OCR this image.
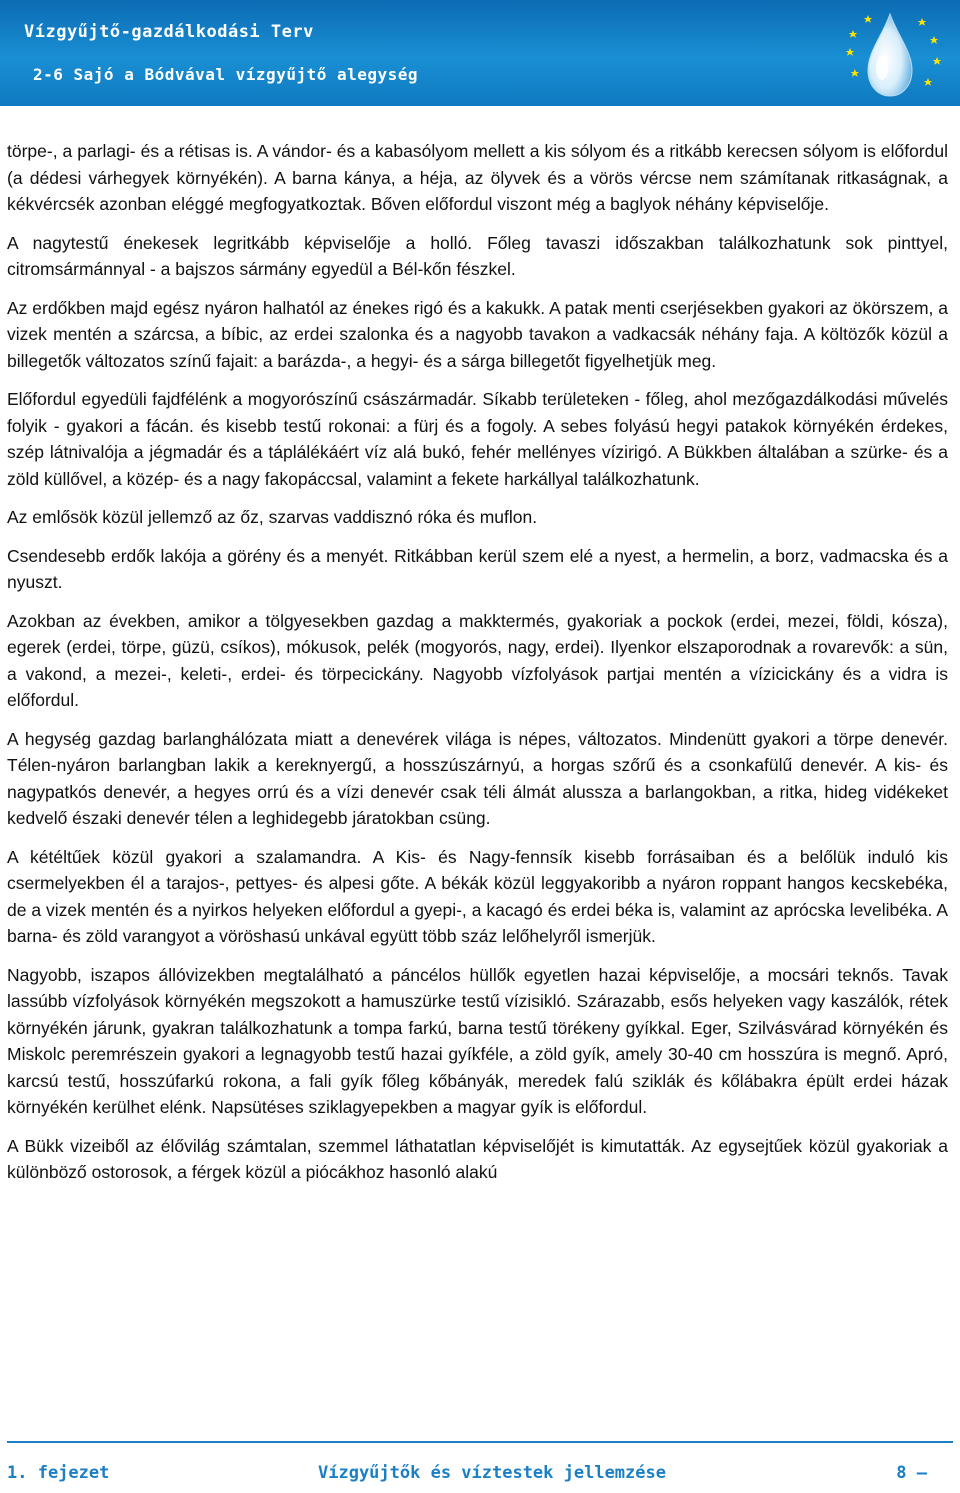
Vízgyűjtő-gazdálkodási Terv
2-6 Sajó a Bódvával vízgyűjtő alegység

törpe-, a parlagi- és a rétisas is. A vándor- és a kabasólyom mellett a kis sólyom és a ritkább kerecsen sólyom is előfordul (a dédesi várhegyek környékén). A barna kánya, a héja, az ölyvek és a vörös vércse nem számítanak ritkaságnak, a kékvércsék azonban eléggé megfogyatkoztak. Bőven előfordul viszont még a baglyok néhány képviselője.

A nagytestű énekesek legritkább képviselője a holló. Főleg tavaszi időszakban találkozhatunk sok pinttyel, citromsármánnyal - a bajszos sármány egyedül a Bél-kőn fészkel.

Az erdőkben majd egész nyáron halhatól az énekes rigó és a kakukk. A patak menti cserjésekben gyakori az ökörszem, a vizek mentén a szárcsa, a bíbic, az erdei szalonka és a nagyobb tavakon a vadkacsák néhány faja. A költözők közül a billegetők változatos színű fajait: a barázda-, a hegyi- és a sárga billegetőt figyelhetjük meg.

Előfordul egyedüli fajdfélénk a mogyorószínű császármadár. Síkabb területeken - főleg, ahol mezőgazdálkodási művelés folyik - gyakori a fácán. és kisebb testű rokonai: a fürj és a fogoly. A sebes folyású hegyi patakok környékén érdekes, szép látnivalója a jégmadár és a táplálékáért víz alá bukó, fehér mellényes vízirigó. A Bükkben általában a szürke- és a zöld küllővel, a közép- és a nagy fakopáccsal, valamint a fekete harkállyal találkozhatunk.

Az emlősök közül jellemző az őz, szarvas vaddisznó róka és muflon.

Csendesebb erdők lakója a görény és a menyét. Ritkábban kerül szem elé a nyest, a hermelin, a borz, vadmacska és a nyuszt.

Azokban az években, amikor a tölgyesekben gazdag a makktermés, gyakoriak a pockok (erdei, mezei, földi, kósza), egerek (erdei, törpe, güzü, csíkos), mókusok, pelék (mogyorós, nagy, erdei). Ilyenkor elszaporodnak a rovarevők: a sün, a vakond, a mezei-, keleti-, erdei- és törpecickány. Nagyobb vízfolyások partjai mentén a vízicickány és a vidra is előfordul.

A hegység gazdag barlanghálózata miatt a denevérek világa is népes, változatos. Mindenütt gyakori a törpe denevér. Télen-nyáron barlangban lakik a kereknyergű, a hosszúszárnyú, a horgas szőrű és a csonkafülű denevér. A kis- és nagypatkós denevér, a hegyes orrú és a vízi denevér csak téli álmát alussza a barlangokban, a ritka, hideg vidékeket kedvelő északi denevér télen a leghidegebb járatokban csüng.

A kétéltűek közül gyakori a szalamandra. A Kis- és Nagy-fennsík kisebb forrásaiban és a belőlük induló kis csermelyekben él a tarajos-, pettyes- és alpesi gőte. A békák közül leggyakoribb a nyáron roppant hangos kecskebéka, de a vizek mentén és a nyirkos helyeken előfordul a gyepi-, a kacagó és erdei béka is, valamint az aprócska levelibéka. A barna- és zöld varangyot a vöröshasú unkával együtt több száz lelőhelyről ismerjük.

Nagyobb, iszapos állóvizekben megtalálható a páncélos hüllők egyetlen hazai képviselője, a mocsári teknős. Tavak lassúbb vízfolyások környékén megszokott a hamuszürke testű vízisikló. Szárazabb, esős helyeken vagy kaszálók, rétek környékén járunk, gyakran találkozhatunk a tompa farkú, barna testű törékeny gyíkkal. Eger, Szilvásvárad környékén és Miskolc peremrészein gyakori a legnagyobb testű hazai gyíkféle, a zöld gyík, amely 30-40 cm hosszúra is megnő. Apró, karcsú testű, hosszúfarkú rokona, a fali gyík főleg kőbányák, meredek falú sziklák és kőlábakra épült erdei házak környékén kerülhet elénk. Napsütéses sziklagyepekben a magyar gyík is előfordul.

A Bükk vizeiből az élővilág számtalan, szemmel láthatatlan képviselőjét is kimutatták. Az egysejtűek közül gyakoriak a különböző ostorosok, a férgek közül a piócákhoz hasonló alakú

1. fejezet	Vízgyűjtők és víztestek jellemzése	8 —
